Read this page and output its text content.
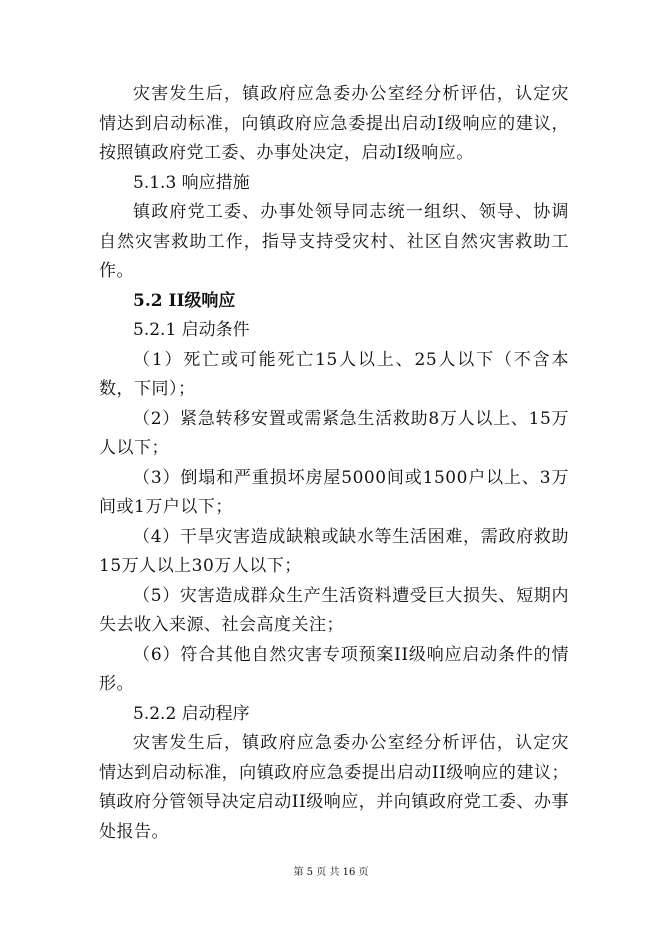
灾害发生后，镇政府应急委办公室经分析评估，认定灾情达到启动标准，向镇政府应急委提出启动Ⅰ级响应的建议，按照镇政府党工委、办事处决定，启动Ⅰ级响应。

5.1.3 响应措施

镇政府党工委、办事处领导同志统一组织、领导、协调自然灾害救助工作，指导支持受灾村、社区自然灾害救助工作。

5.2 II级响应

5.2.1 启动条件

（1）死亡或可能死亡15人以上、25人以下（不含本数，下同）；

（2）紧急转移安置或需紧急生活救助8万人以上、15万人以下；

（3）倒塌和严重损坏房屋5000间或1500户以上、3万间或1万户以下；

（4）干旱灾害造成缺粮或缺水等生活困难，需政府救助15万人以上30万人以下；

（5）灾害造成群众生产生活资料遭受巨大损失、短期内失去收入来源、社会高度关注；

（6）符合其他自然灾害专项预案II级响应启动条件的情形。

5.2.2 启动程序

灾害发生后，镇政府应急委办公室经分析评估，认定灾情达到启动标准，向镇政府应急委提出启动II级响应的建议；镇政府分管领导决定启动II级响应，并向镇政府党工委、办事处报告。

第 5 页 共 16 页
